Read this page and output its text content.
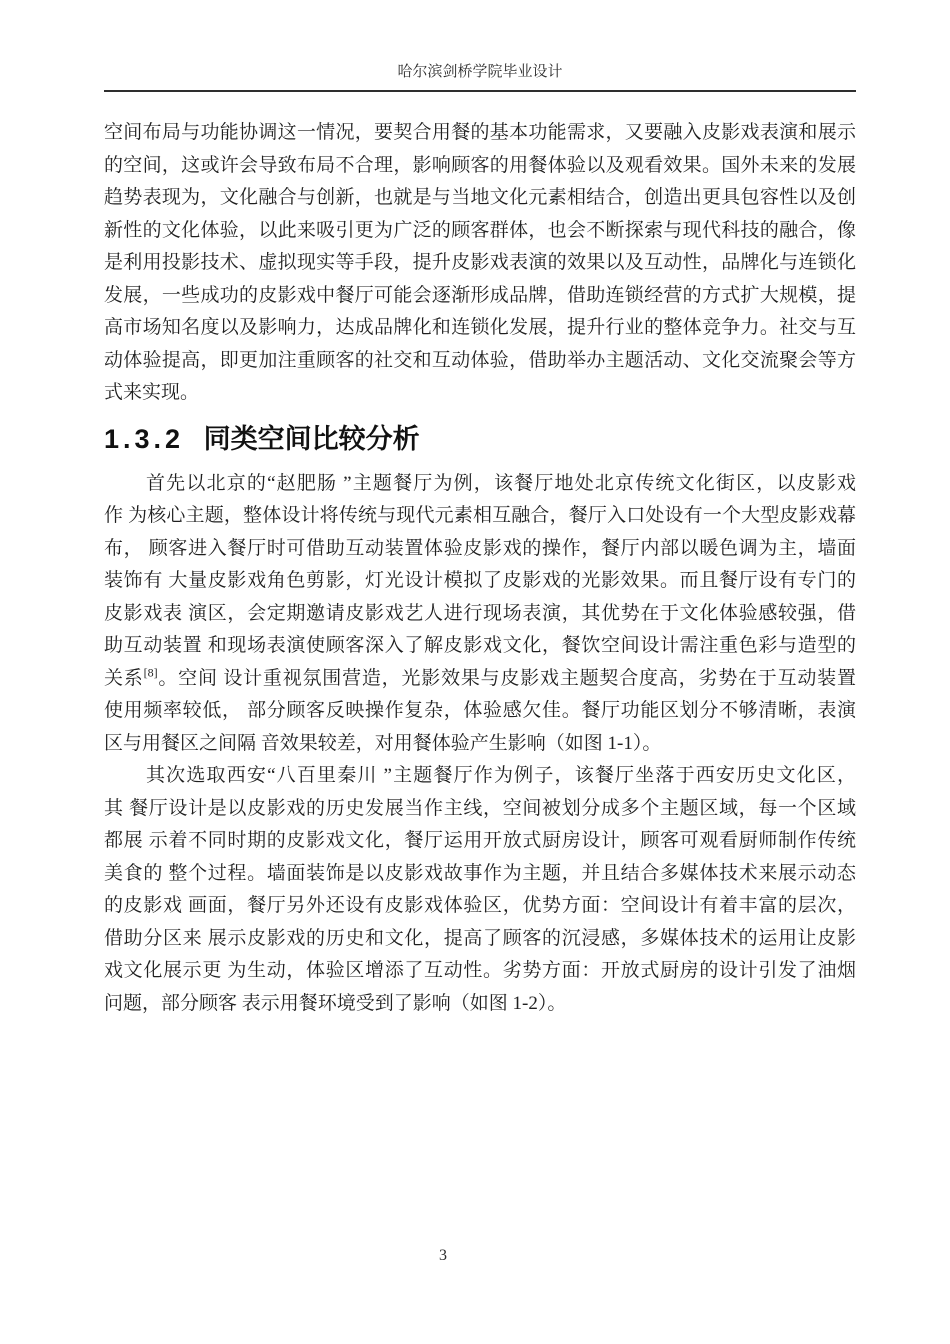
哈尔滨剑桥学院毕业设计
空间布局与功能协调这一情况，要契合用餐的基本功能需求，又要融入皮影戏表演和展示
的空间，这或许会导致布局不合理，影响顾客的用餐体验以及观看效果。国外未来的发展
趋势表现为，文化融合与创新，也就是与当地文化元素相结合，创造出更具包容性以及创
新性的文化体验，以此来吸引更为广泛的顾客群体，也会不断探索与现代科技的融合，像
是利用投影技术、虚拟现实等手段，提升皮影戏表演的效果以及互动性，品牌化与连锁化
发展，一些成功的皮影戏中餐厅可能会逐渐形成品牌，借助连锁经营的方式扩大规模，提
高市场知名度以及影响力，达成品牌化和连锁化发展，提升行业的整体竞争力。社交与互
动体验提高，即更加注重顾客的社交和互动体验，借助举办主题活动、文化交流聚会等方
式来实现。
1.3.2 同类空间比较分析
首先以北京的“赵肥肠 ”主题餐厅为例，该餐厅地处北京传统文化街区，以皮影戏
作 为核心主题，整体设计将传统与现代元素相互融合，餐厅入口处设有一个大型皮影戏幕
布， 顾客进入餐厅时可借助互动装置体验皮影戏的操作，餐厅内部以暖色调为主，墙面
装饰有 大量皮影戏角色剪影，灯光设计模拟了皮影戏的光影效果。而且餐厅设有专门的
皮影戏表 演区，会定期邀请皮影戏艺人进行现场表演，其优势在于文化体验感较强，借
助互动装置 和现场表演使顾客深入了解皮影戏文化，餐饮空间设计需注重色彩与造型的
关系[8]。空间 设计重视氛围营造，光影效果与皮影戏主题契合度高，劣势在于互动装置
使用频率较低， 部分顾客反映操作复杂，体验感欠佳。餐厅功能区划分不够清晰，表演
区与用餐区之间隔 音效果较差，对用餐体验产生影响（如图 1-1）。
其次选取西安“八百里秦川 ”主题餐厅作为例子，该餐厅坐落于西安历史文化区，
其 餐厅设计是以皮影戏的历史发展当作主线，空间被划分成多个主题区域，每一个区域
都展 示着不同时期的皮影戏文化，餐厅运用开放式厨房设计，顾客可观看厨师制作传统
美食的 整个过程。墙面装饰是以皮影戏故事作为主题，并且结合多媒体技术来展示动态
的皮影戏 画面，餐厅另外还设有皮影戏体验区，优势方面：空间设计有着丰富的层次，
借助分区来 展示皮影戏的历史和文化，提高了顾客的沉浸感，多媒体技术的运用让皮影
戏文化展示更 为生动，体验区增添了互动性。劣势方面：开放式厨房的设计引发了油烟
问题，部分顾客 表示用餐环境受到了影响（如图 1-2）。
3
